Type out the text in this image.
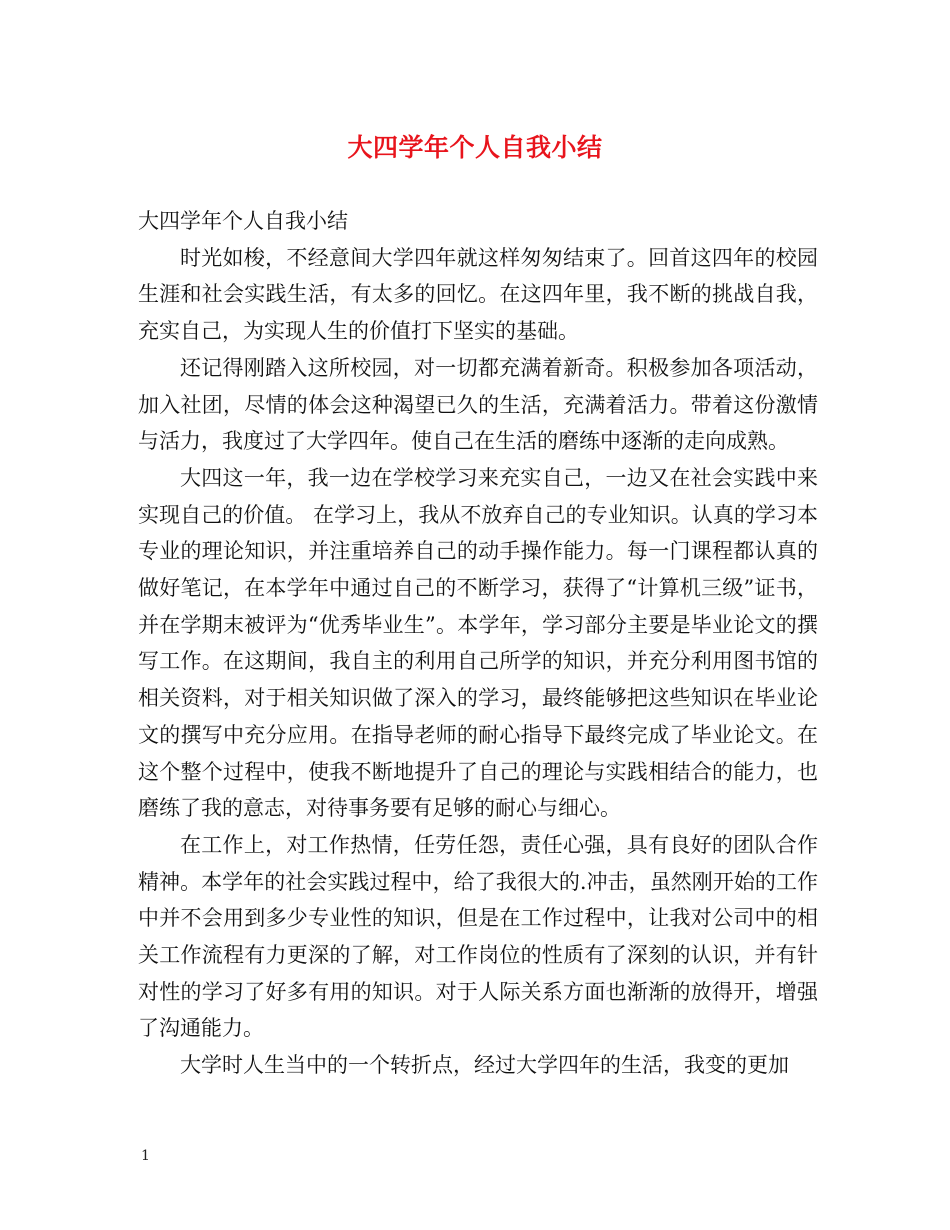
大四学年个人自我小结

大四学年个人自我小结

时光如梭，不经意间大学四年就这样匆匆结束了。回首这四年的校园生涯和社会实践生活，有太多的回忆。在这四年里，我不断的挑战自我，充实自己，为实现人生的价值打下坚实的基础。

还记得刚踏入这所校园，对一切都充满着新奇。积极参加各项活动，加入社团，尽情的体会这种渴望已久的生活，充满着活力。带着这份激情与活力，我度过了大学四年。使自己在生活的磨练中逐渐的走向成熟。

大四这一年，我一边在学校学习来充实自己，一边又在社会实践中来实现自己的价值。 在学习上，我从不放弃自己的专业知识。认真的学习本专业的理论知识，并注重培养自己的动手操作能力。每一门课程都认真的做好笔记，在本学年中通过自己的不断学习，获得了“计算机三级”证书，并在学期末被评为“优秀毕业生”。本学年，学习部分主要是毕业论文的撰写工作。在这期间，我自主的利用自己所学的知识，并充分利用图书馆的相关资料，对于相关知识做了深入的学习，最终能够把这些知识在毕业论文的撰写中充分应用。在指导老师的耐心指导下最终完成了毕业论文。在这个整个过程中，使我不断地提升了自己的理论与实践相结合的能力，也磨练了我的意志，对待事务要有足够的耐心与细心。

在工作上，对工作热情，任劳任怨，责任心强，具有良好的团队合作精神。本学年的社会实践过程中，给了我很大的.冲击，虽然刚开始的工作中并不会用到多少专业性的知识，但是在工作过程中，让我对公司中的相关工作流程有力更深的了解，对工作岗位的性质有了深刻的认识，并有针对性的学习了好多有用的知识。对于人际关系方面也渐渐的放得开，增强了沟通能力。

大学时人生当中的一个转折点，经过大学四年的生活，我变的更加

1
